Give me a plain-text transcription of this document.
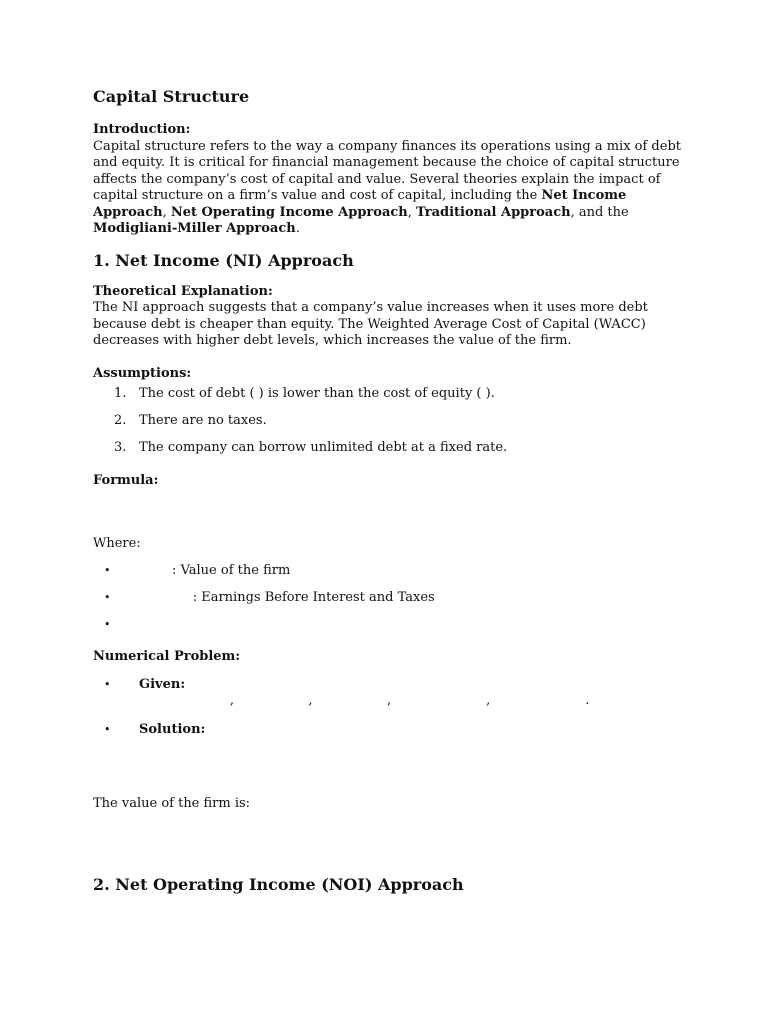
Capital Structure

Introduction:

Capital structure refers to the way a company finances its operations using a mix of debt and equity. It is critical for financial management because the choice of capital structure affects the company’s cost of capital and value. Several theories explain the impact of capital structure on a firm’s value and cost of capital, including the Net Income Approach, Net Operating Income Approach, Traditional Approach, and the Modigliani-Miller Approach.

1. Net Income (NI) Approach

Theoretical Explanation:

The NI approach suggests that a company’s value increases when it uses more debt because debt is cheaper than equity. The Weighted Average Cost of Capital (WACC) decreases with higher debt levels, which increases the value of the firm.

Assumptions:

1. The cost of debt ( ) is lower than the cost of equity ( ).
2. There are no taxes.
3. The company can borrow unlimited debt at a fixed rate.

Formula:

Where:

• : Value of the firm
• : Earnings Before Interest and Taxes
•

Numerical Problem:

• Given:
,                  ,                  ,                       ,                       .
• Solution:

The value of the firm is:

2. Net Operating Income (NOI) Approach
